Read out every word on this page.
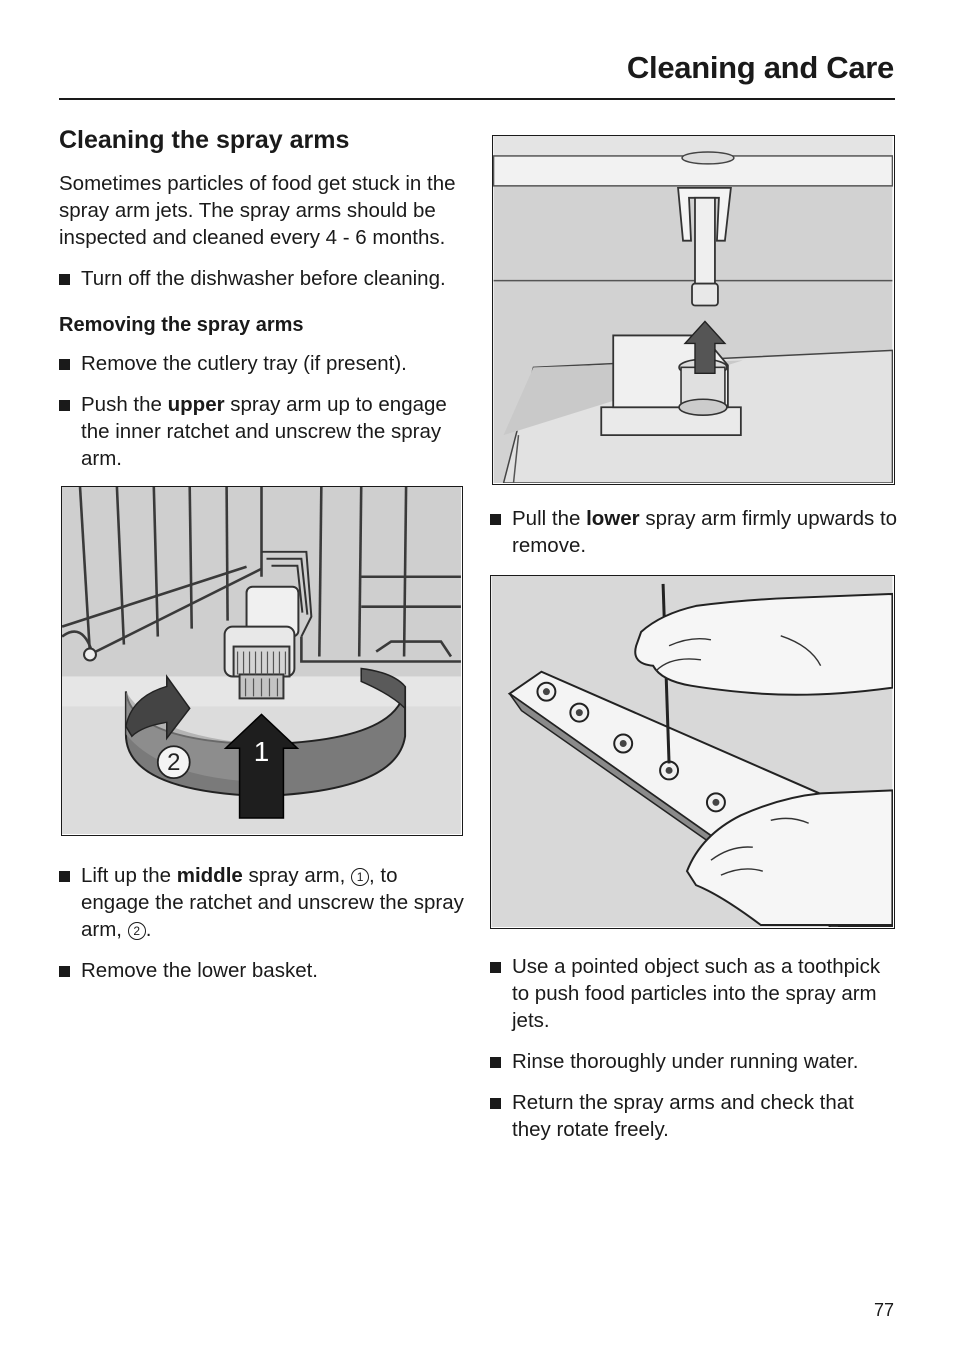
Cleaning and Care
Cleaning the spray arms

Sometimes particles of food get stuck in the spray arm jets. The spray arms should be inspected and cleaned every 4 - 6 months.

Turn off the dishwasher before cleaning.
Removing the spray arms
Remove the cutlery tray (if present).
Push the upper spray arm up to engage the inner ratchet and unscrew the spray arm.
2	1
Lift up the middle spray arm, 1 , to engage the ratchet and unscrew the spray arm, 2 .
Remove the lower basket.
Pull the lower spray arm firmly upwards to remove.
Use a pointed object such as a toothpick to push food particles into the spray arm jets.
Rinse thoroughly under running water.
Return the spray arms and check that they rotate freely.
77
